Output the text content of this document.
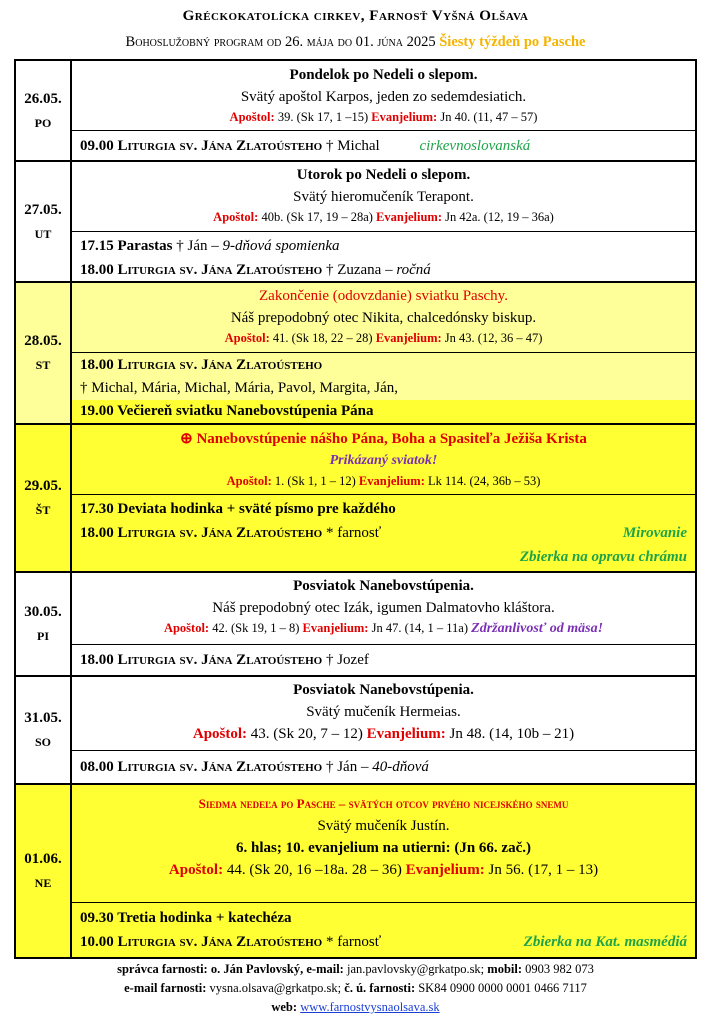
Gréckokatolícka cirkev, Farnosť Vyšná Olšava
Bohoslužobný program od 26. mája do 01. júna 2025 Šiesty týždeň po Pasche
26.05.
PO
Pondelok po Nedeli o slepom.
Svätý apoštol Karpos, jeden zo sedemdesiatich.
Apoštol: 39. (Sk 17, 1 –15) Evanjelium: Jn 40. (11, 47 – 57)
09.00 Liturgia sv. Jána Zlatoústeho † Michal	cirkevnoslovanská
27.05.
UT
Utorok po Nedeli o slepom.
Svätý hieromučeník Terapont.
Apoštol: 40b. (Sk 17, 19 – 28a) Evanjelium: Jn 42a. (12, 19 – 36a)
17.15 Parastas † Ján – 9-dňová spomienka
18.00 Liturgia sv. Jána Zlatoústeho † Zuzana – ročná
28.05.
ST
Zakončenie (odovzdanie) sviatku Paschy.
Náš prepodobný otec Nikita, chalcedónsky biskup.
Apoštol: 41. (Sk 18, 22 – 28) Evanjelium: Jn 43. (12, 36 – 47)
18.00 Liturgia sv. Jána Zlatoústeho
† Michal, Mária, Michal, Mária, Pavol, Margita, Ján,
19.00 Večiereň sviatku Nanebovstúpenia Pána
29.05.
ŠT
⊕ Nanebovstúpenie nášho Pána, Boha a Spasiteľa Ježiša Krista
Prikázaný sviatok!
Apoštol: 1. (Sk 1, 1 – 12) Evanjelium: Lk 114. (24, 36b – 53)
17.30 Deviata hodinka + sväté písmo pre každého
18.00 Liturgia sv. Jána Zlatoústeho * farnosť	Mirovanie
Zbierka na opravu chrámu

30.05.
PI
Posviatok Nanebovstúpenia.
Náš prepodobný otec Izák, igumen Dalmatovho kláštora.
Apoštol: 42. (Sk 19, 1 – 8) Evanjelium: Jn 47. (14, 1 – 11a) Zdržanlivosť od mäsa!
18.00 Liturgia sv. Jána Zlatoústeho † Jozef
31.05.
SO
Posviatok Nanebovstúpenia.
Svätý mučeník Hermeias.
Apoštol: 43. (Sk 20, 7 – 12) Evanjelium: Jn 48. (14, 10b – 21)
08.00 Liturgia sv. Jána Zlatoústeho † Ján – 40-dňová
01.06.
NE
Siedma nedeľa po Pasche – svätých otcov prvého nicejského snemu
Svätý mučeník Justín.
6. hlas; 10. evanjelium na utierni: (Jn 66. zač.)
Apoštol: 44. (Sk 20, 16 –18a. 28 – 36) Evanjelium: Jn 56. (17, 1 – 13)
09.30 Tretia hodinka + katechéza
10.00 Liturgia sv. Jána Zlatoústeho * farnosť	Zbierka na Kat. masmédiá
správca farnosti: o. Ján Pavlovský, e-mail: jan.pavlovsky@grkatpo.sk; mobil: 0903 982 073
e-mail farnosti: vysna.olsava@grkatpo.sk; č. ú. farnosti: SK84 0900 0000 0001 0466 7117
web: www.farnostvysnaolsava.sk
